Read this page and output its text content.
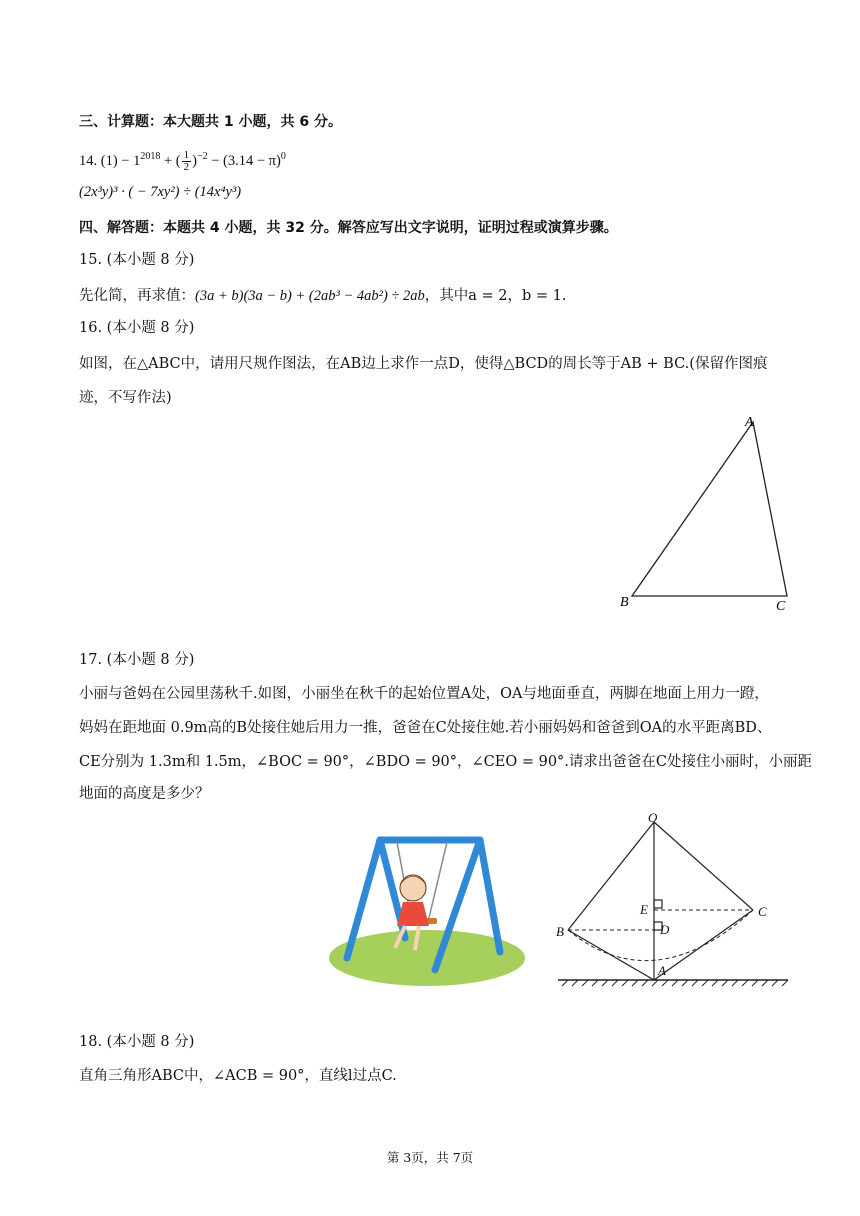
三、计算题：本大题共 1 小题，共 6 分。
14. $(1) - 1^{2018}$ + ( $\frac{1}{2} )^{-2} - (3.14 - \pi)^0$
(2x³y)³ · ( − 7xy²) ÷ (14x⁴y³)
四、解答题：本题共 4 小题，共 32 分。解答应写出文字说明，证明过程或演算步骤。
15. (本小题 8 分)
先化简，再求值：(3a + b)(3a − b) + (2ab³ − 4ab²) ÷ 2ab，其中a = 2，b = 1.
16. (本小题 8 分)
如图，在△ABC中，请用尺规作图法，在AB边上求作一点D，使得△BCD的周长等于AB + BC.(保留作图痕
迹，不写作法)
A
B	C
17. (本小题 8 分)
小丽与爸妈在公园里荡秋千.如图，小丽坐在秋千的起始位置A处，OA与地面垂直，两脚在地面上用力一蹬，
妈妈在距地面 0.9m高的B处接住她后用力一推，爸爸在C处接住她.若小丽妈妈和爸爸到OA的水平距离BD、
CE分别为 1.3m和 1.5m，∠BOC = 90°，∠BDO = 90°，∠CEO = 90°.请求出爸爸在C处接住小丽时，小丽距
地面的高度是多少？
O
E	C
B	D
A
18. (本小题 8 分)
直角三角形ABC中，∠ACB = 90°，直线l过点C.
第 3页，共 7页
